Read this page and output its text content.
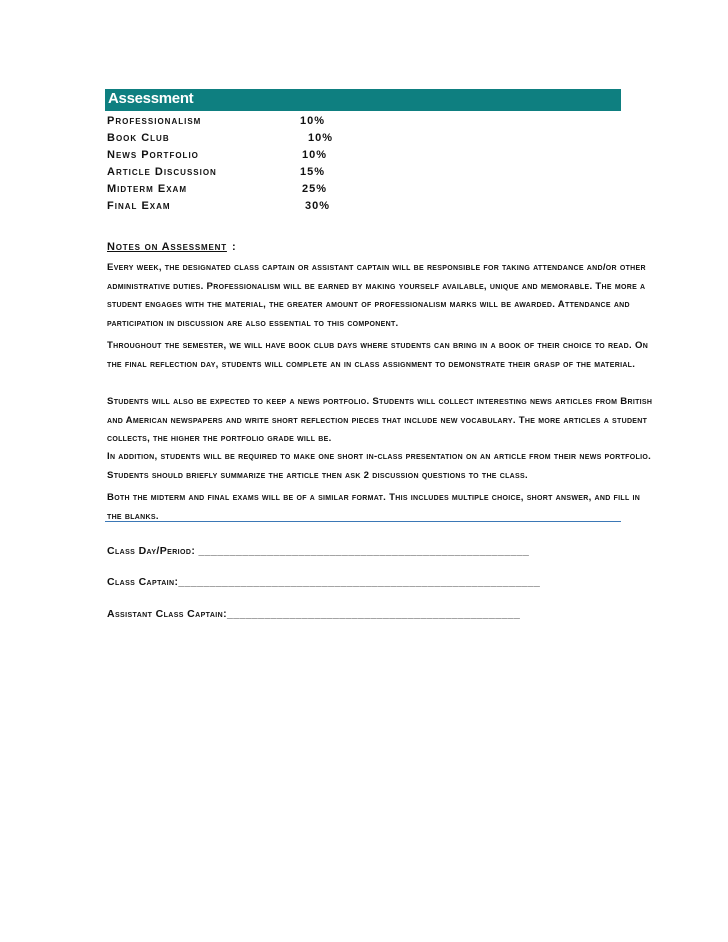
Assessment
Professionalism	10%
Book Club	10%
News Portfolio	10%
Article Discussion	15%
Midterm Exam	25%
Final Exam	30%
Notes on Assessment :
Every week, the designated class captain or assistant captain will be responsible for taking attendance and/or other administrative duties. Professionalism will be earned by making yourself available, unique and memorable. The more a student engages with the material, the greater amount of professionalism marks will be awarded. Attendance and participation in discussion are also essential to this component.
Throughout the semester, we will have book club days where students can bring in a book of their choice to read. On the final reflection day, students will complete an in class assignment to demonstrate their grasp of the material.
Students will also be expected to keep a news portfolio. Students will collect interesting news articles from British and American newspapers and write short reflection pieces that include new vocabulary. The more articles a student collects, the higher the portfolio grade will be.
In addition, students will be required to make one short in-class presentation on an article from their news portfolio. Students should briefly summarize the article then ask 2 discussion questions to the class.
Both the midterm and final exams will be of a similar format. This includes multiple choice, short answer, and fill in the blanks.
Class Day/Period: _____________________________________________________
Class Captain:__________________________________________________________
Assistant Class Captain:_______________________________________________
